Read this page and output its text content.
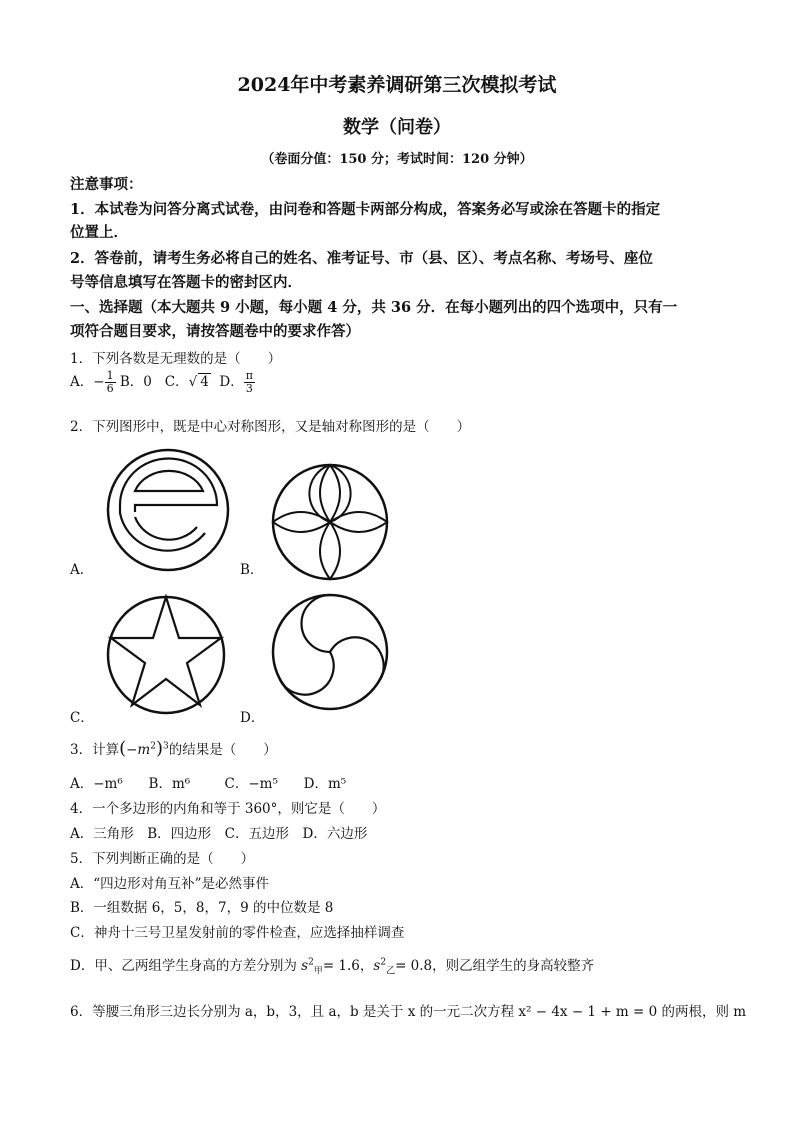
2024年中考素养调研第三次模拟考试
数学（问卷）
（卷面分值：150 分；考试时间：120 分钟）
注意事项：
1．本试卷为问答分离式试卷，由问卷和答题卡两部分构成，答案务必写或涂在答题卡的指定
位置上．
2．答卷前，请考生务必将自己的姓名、准考证号、市（县、区）、考点名称、考场号、座位
号等信息填写在答题卡的密封区内．
一、选择题（本大题共 9 小题，每小题 4 分，共 36 分．在每小题列出的四个选项中，只有一
项符合题目要求，请按答题卷中的要求作答）
1．下列各数是无理数的是（　　）
A．− $\frac{1}{6}$ B．0 C．√ 4 D． $\frac{\pi}{3}$
2．下列图形中，既是中心对称图形，又是轴对称图形的是（　　）
A．	B．
C．	D．
3．计算$(-m^2)^3$的结果是（　　）
A．−m⁶ B．m⁶	C．−m⁵ D．m⁵
4．一个多边形的内角和等于 360°，则它是（　　）
A．三角形　B．四边形　C．五边形　D．六边形
5．下列判断正确的是（　　）
A．“四边形对角互补”是必然事件
B．一组数据 6，5，8，7，9 的中位数是 8
C．神舟十三号卫星发射前的零件检查，应选择抽样调查
D．甲、乙两组学生身高的方差分别为 $s^2_甲= 1.6$，$s^2_乙= 0.8$，则乙组学生的身高较整齐
6．等腰三角形三边长分别为 a，b，3，且 a，b 是关于 x 的一元二次方程 x² − 4x − 1 + m = 0 的两根，则 m
